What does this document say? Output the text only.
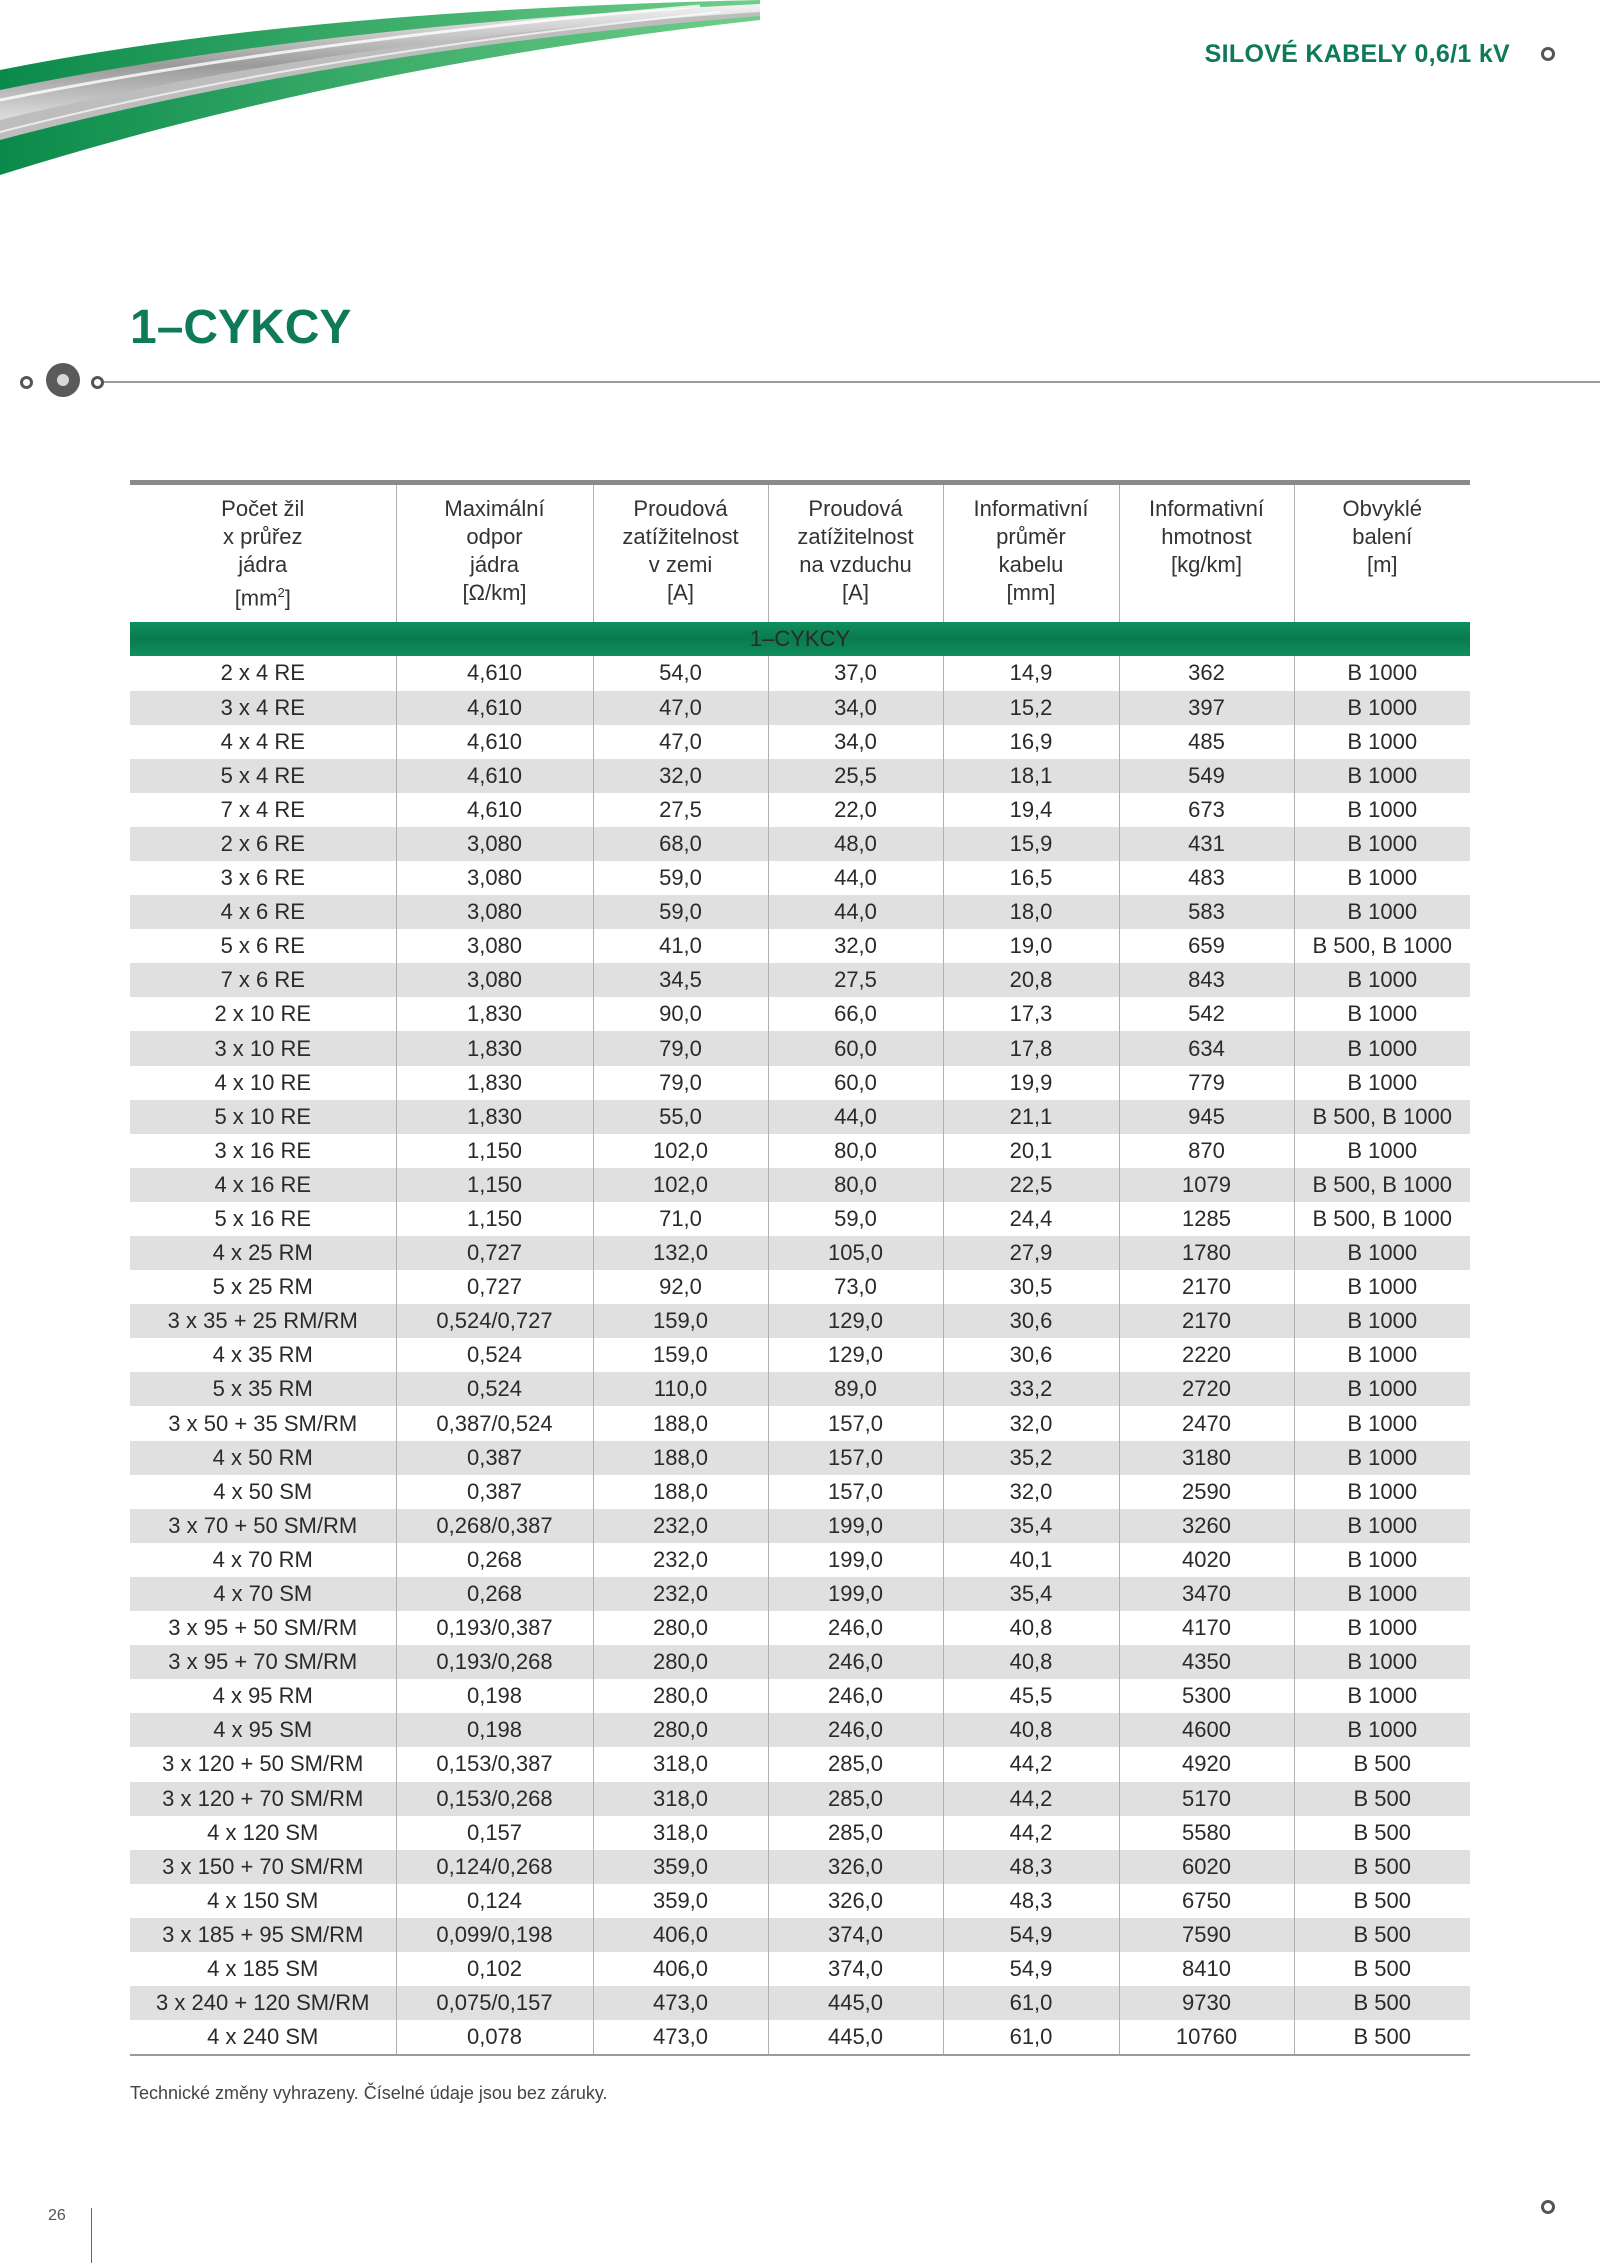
SILOVÉ KABELY 0,6/1 kV
1–CYKCY

Počet žil
x průřez
jádra
$[mm^2]$	Maximální
odpor
jádra
[Ω/km]	Proudová
zatížitelnost
v zemi
[A]	Proudová
zatížitelnost
na vzduchu
[A]	Informativní
průměr
kabelu
[mm]	Informativní
hmotnost
[kg/km]	Obvyklé
balení
[m]

1–CYKCY						
2 x 4 RE	4,610	54,0	37,0	14,9	362	B 1000
3 x 4 RE	4,610	47,0	34,0	15,2	397	B 1000
4 x 4 RE	4,610	47,0	34,0	16,9	485	B 1000
5 x 4 RE	4,610	32,0	25,5	18,1	549	B 1000
7 x 4 RE	4,610	27,5	22,0	19,4	673	B 1000
2 x 6 RE	3,080	68,0	48,0	15,9	431	B 1000
3 x 6 RE	3,080	59,0	44,0	16,5	483	B 1000
4 x 6 RE	3,080	59,0	44,0	18,0	583	B 1000
5 x 6 RE	3,080	41,0	32,0	19,0	659	B 500, B 1000
7 x 6 RE	3,080	34,5	27,5	20,8	843	B 1000
2 x 10 RE	1,830	90,0	66,0	17,3	542	B 1000
3 x 10 RE	1,830	79,0	60,0	17,8	634	B 1000
4 x 10 RE	1,830	79,0	60,0	19,9	779	B 1000
5 x 10 RE	1,830	55,0	44,0	21,1	945	B 500, B 1000
3 x 16 RE	1,150	102,0	80,0	20,1	870	B 1000
4 x 16 RE	1,150	102,0	80,0	22,5	1079	B 500, B 1000
5 x 16 RE	1,150	71,0	59,0	24,4	1285	B 500, B 1000
4 x 25 RM	0,727	132,0	105,0	27,9	1780	B 1000
5 x 25 RM	0,727	92,0	73,0	30,5	2170	B 1000
3 x 35 + 25 RM/RM	0,524/0,727	159,0	129,0	30,6	2170	B 1000
4 x 35 RM	0,524	159,0	129,0	30,6	2220	B 1000
5 x 35 RM	0,524	110,0	89,0	33,2	2720	B 1000
3 x 50 + 35 SM/RM	0,387/0,524	188,0	157,0	32,0	2470	B 1000
4 x 50 RM	0,387	188,0	157,0	35,2	3180	B 1000
4 x 50 SM	0,387	188,0	157,0	32,0	2590	B 1000
3 x 70 + 50 SM/RM	0,268/0,387	232,0	199,0	35,4	3260	B 1000
4 x 70 RM	0,268	232,0	199,0	40,1	4020	B 1000
4 x 70 SM	0,268	232,0	199,0	35,4	3470	B 1000
3 x 95 + 50 SM/RM	0,193/0,387	280,0	246,0	40,8	4170	B 1000
3 x 95 + 70 SM/RM	0,193/0,268	280,0	246,0	40,8	4350	B 1000
4 x 95 RM	0,198	280,0	246,0	45,5	5300	B 1000
4 x 95 SM	0,198	280,0	246,0	40,8	4600	B 1000
3 x 120 + 50 SM/RM	0,153/0,387	318,0	285,0	44,2	4920	B 500
3 x 120 + 70 SM/RM	0,153/0,268	318,0	285,0	44,2	5170	B 500
4 x 120 SM	0,157	318,0	285,0	44,2	5580	B 500
3 x 150 + 70 SM/RM	0,124/0,268	359,0	326,0	48,3	6020	B 500
4 x 150 SM	0,124	359,0	326,0	48,3	6750	B 500
3 x 185 + 95 SM/RM	0,099/0,198	406,0	374,0	54,9	7590	B 500
4 x 185 SM	0,102	406,0	374,0	54,9	8410	B 500
3 x 240 + 120 SM/RM	0,075/0,157	473,0	445,0	61,0	9730	B 500
4 x 240 SM	0,078	473,0	445,0	61,0	10760	B 500
Technické změny vyhrazeny. Číselné údaje jsou bez záruky.
26
